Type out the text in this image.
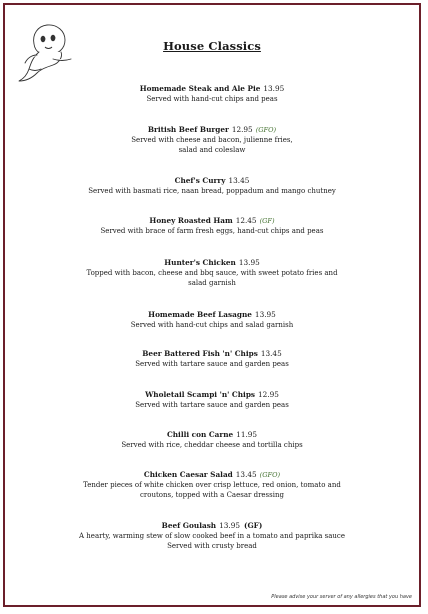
House Classics
Homemade Steak and Ale Pie 13.95
Served with hand-cut chips and peas
British Beef Burger 12.95 (GFO)
Served with cheese and bacon, julienne fries,
salad and coleslaw
Chef's Curry 13.45
Served with basmati rice, naan bread, poppadum and mango chutney
Honey Roasted Ham 12.45 (GF)
Served with brace of farm fresh eggs, hand-cut chips and peas
Hunter's Chicken 13.95
Topped with bacon, cheese and bbq sauce, with sweet potato fries and
salad garnish
Homemade Beef Lasagne 13.95
Served with hand-cut chips and salad garnish
Beer Battered Fish 'n' Chips 13.45
Served with tartare sauce and garden peas
Wholetail Scampi 'n' Chips 12.95
Served with tartare sauce and garden peas
Chilli con Carne 11.95
Served with rice, cheddar cheese and tortilla chips
Chicken Caesar Salad 13.45 (GFO)
Tender pieces of white chicken over crisp lettuce, red onion, tomato and
croutons, topped with a Caesar dressing
Beef Goulash 13.95 (GF)
A hearty, warming stew of slow cooked beef in a tomato and paprika sauce
Served with crusty bread
Please advise your server of any allergies that you have
